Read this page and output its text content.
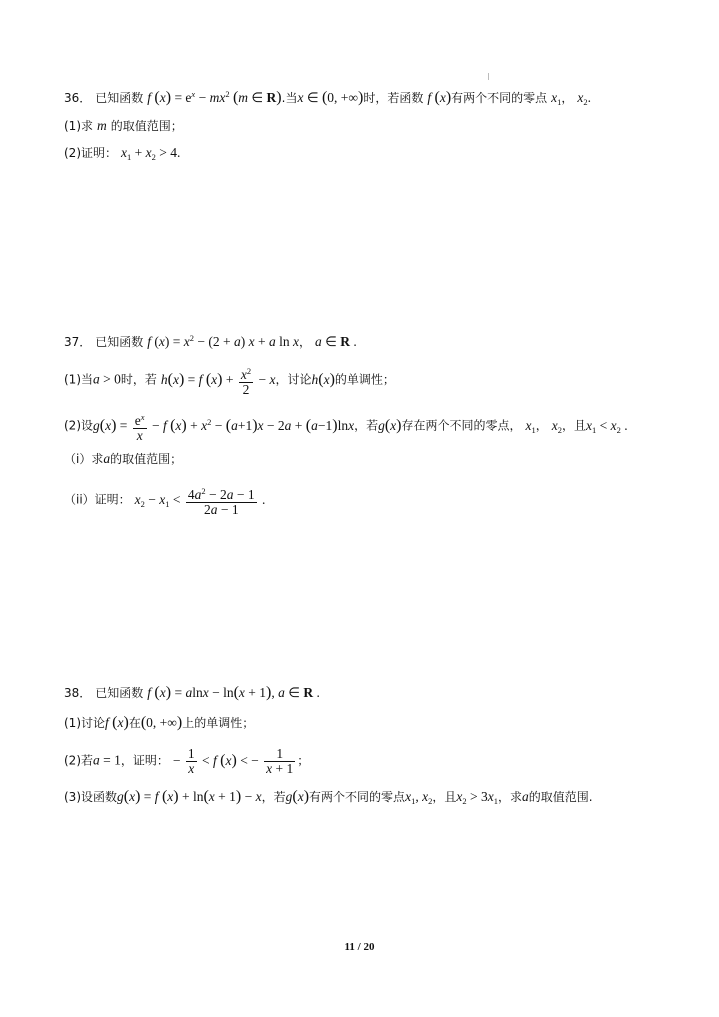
36． 已知函数 f $(x) = e^x - mx^2$ (m ∈ R).当x ∈ (0, +∞)时，若函数 f (x)有两个不同的零点 $x_1$， $x_2$.
(1)求 m 的取值范围；
(2)证明： $x_1 + x_2 > 4$.
37． 已知函数 f $(x) = x^2 - (2 + a) x + a$ ln x， a ∈ R .
(1)当a > 0时，若 h(x) = f $(x) + \frac{x^2}{2} - x$，讨论h(x)的单调性；
(2)设$g(x) = \frac{e^x}{x} - f$ $(x) + x^2 - (a+1)x - 2a + (a-1)\ln x$，若g(x)存在两个不同的零点， $x_1$， $x_2$，且$x_1 < x_2$ .
（i）求a的取值范围；
（ii）证明： $x_2 - x_1 < \frac{4a^2 - 2a - 1}{2a - 1}$ .
38． 已知函数 f (x) = alnx − ln(x + 1), a ∈ R .
(1)讨论f (x)在(0, +∞)上的单调性；
(2)若a = 1，证明： − $\frac{1}{x} < f$ (x) < − $\frac{1}{x + 1}$ ；
(3)设函数g(x) = f (x) + ln(x + 1) − x，若g(x)有两个不同的零点$x_1$, $x_2$，且$x_2 > 3x_1$，求a的取值范围.
11 / 20
